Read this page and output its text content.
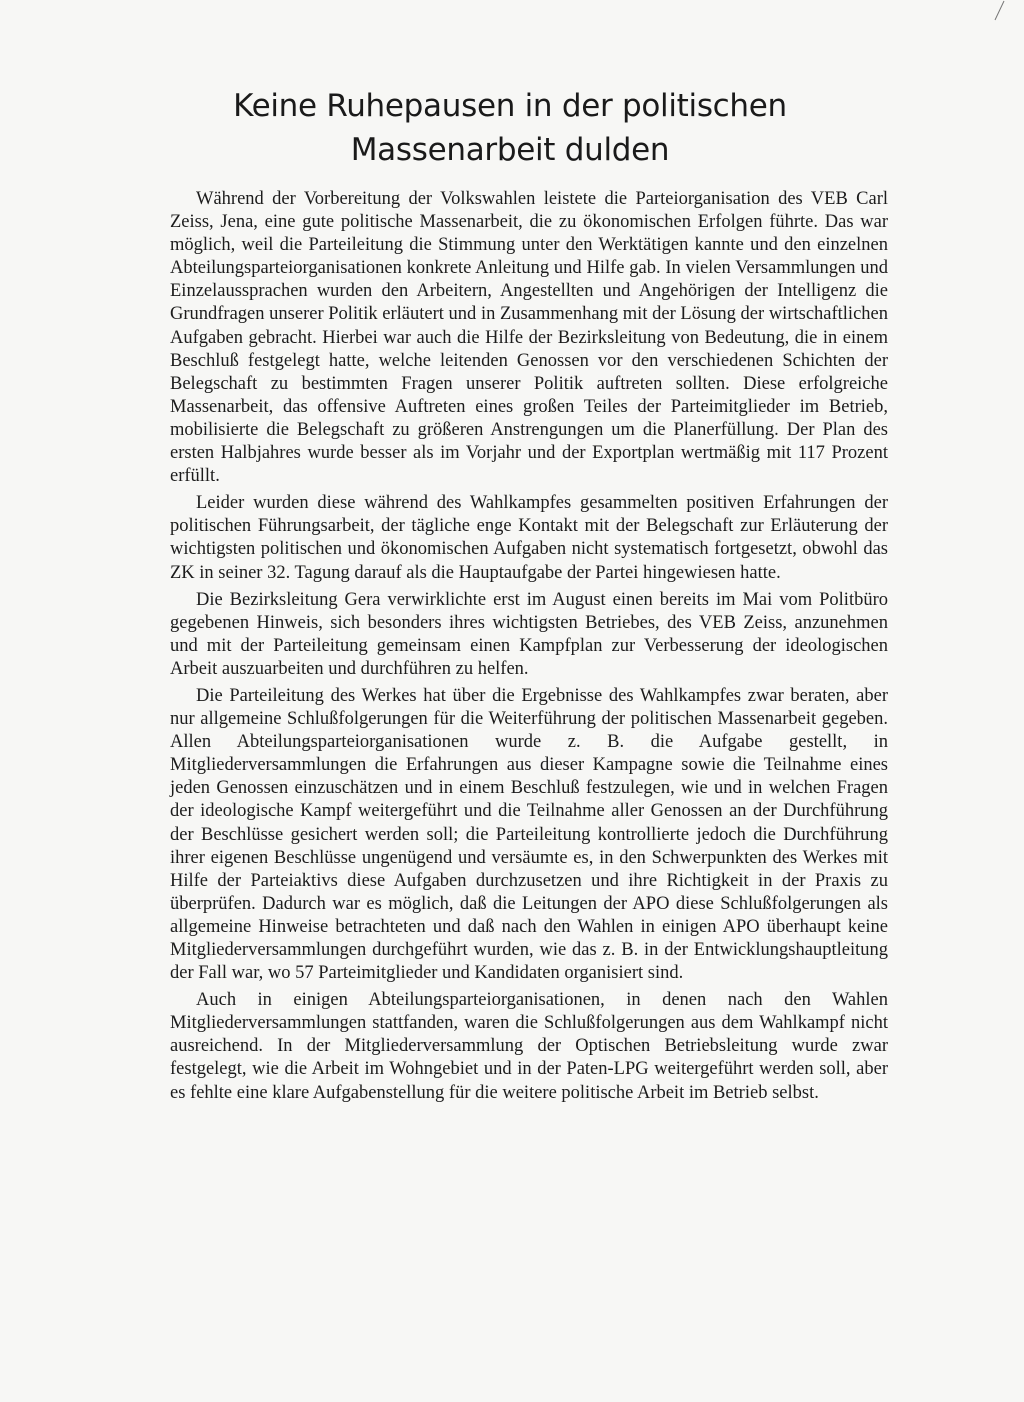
Keine Ruhepausen in der politischen Massenarbeit dulden

Während der Vorbereitung der Volkswahlen leistete die Parteiorganisation des VEB Carl Zeiss, Jena, eine gute politische Massenarbeit, die zu ökonomischen Erfolgen führte. Das war möglich, weil die Parteileitung die Stimmung unter den Werktätigen kannte und den einzelnen Abteilungsparteiorganisationen konkrete Anleitung und Hilfe gab. In vielen Versammlungen und Einzelaussprachen wurden den Arbeitern, Angestellten und Angehörigen der Intelligenz die Grundfragen unserer Politik erläutert und in Zusammenhang mit der Lösung der wirtschaftlichen Aufgaben gebracht. Hierbei war auch die Hilfe der Bezirksleitung von Bedeutung, die in einem Beschluß festgelegt hatte, welche leitenden Genossen vor den verschiedenen Schichten der Belegschaft zu bestimmten Fragen unserer Politik auftreten sollten. Diese erfolgreiche Massenarbeit, das offensive Auftreten eines großen Teiles der Parteimitglieder im Betrieb, mobilisierte die Belegschaft zu größeren Anstrengungen um die Planerfüllung. Der Plan des ersten Halbjahres wurde besser als im Vorjahr und der Exportplan wertmäßig mit 117 Prozent erfüllt.

Leider wurden diese während des Wahlkampfes gesammelten positiven Erfahrungen der politischen Führungsarbeit, der tägliche enge Kontakt mit der Belegschaft zur Erläuterung der wichtigsten politischen und ökonomischen Aufgaben nicht systematisch fortgesetzt, obwohl das ZK in seiner 32. Tagung darauf als die Hauptaufgabe der Partei hingewiesen hatte.

Die Bezirksleitung Gera verwirklichte erst im August einen bereits im Mai vom Politbüro gegebenen Hinweis, sich besonders ihres wichtigsten Betriebes, des VEB Zeiss, anzunehmen und mit der Parteileitung gemeinsam einen Kampfplan zur Verbesserung der ideologischen Arbeit auszuarbeiten und durchführen zu helfen.

Die Parteileitung des Werkes hat über die Ergebnisse des Wahlkampfes zwar beraten, aber nur allgemeine Schlußfolgerungen für die Weiterführung der politischen Massenarbeit gegeben. Allen Abteilungsparteiorganisationen wurde z. B. die Aufgabe gestellt, in Mitgliederversammlungen die Erfahrungen aus dieser Kampagne sowie die Teilnahme eines jeden Genossen einzuschätzen und in einem Beschluß festzulegen, wie und in welchen Fragen der ideologische Kampf weitergeführt und die Teilnahme aller Genossen an der Durchführung der Beschlüsse gesichert werden soll; die Parteileitung kontrollierte jedoch die Durchführung ihrer eigenen Beschlüsse ungenügend und versäumte es, in den Schwerpunkten des Werkes mit Hilfe der Parteiaktivs diese Aufgaben durchzusetzen und ihre Richtigkeit in der Praxis zu überprüfen. Dadurch war es möglich, daß die Leitungen der APO diese Schlußfolgerungen als allgemeine Hinweise betrachteten und daß nach den Wahlen in einigen APO überhaupt keine Mitgliederversammlungen durchgeführt wurden, wie das z. B. in der Entwicklungshauptleitung der Fall war, wo 57 Parteimitglieder und Kandidaten organisiert sind.

Auch in einigen Abteilungsparteiorganisationen, in denen nach den Wahlen Mitgliederversammlungen stattfanden, waren die Schlußfolgerungen aus dem Wahlkampf nicht ausreichend. In der Mitgliederversammlung der Optischen Betriebsleitung wurde zwar festgelegt, wie die Arbeit im Wohngebiet und in der Paten-LPG weitergeführt werden soll, aber es fehlte eine klare Aufgabenstellung für die weitere politische Arbeit im Betrieb selbst.
